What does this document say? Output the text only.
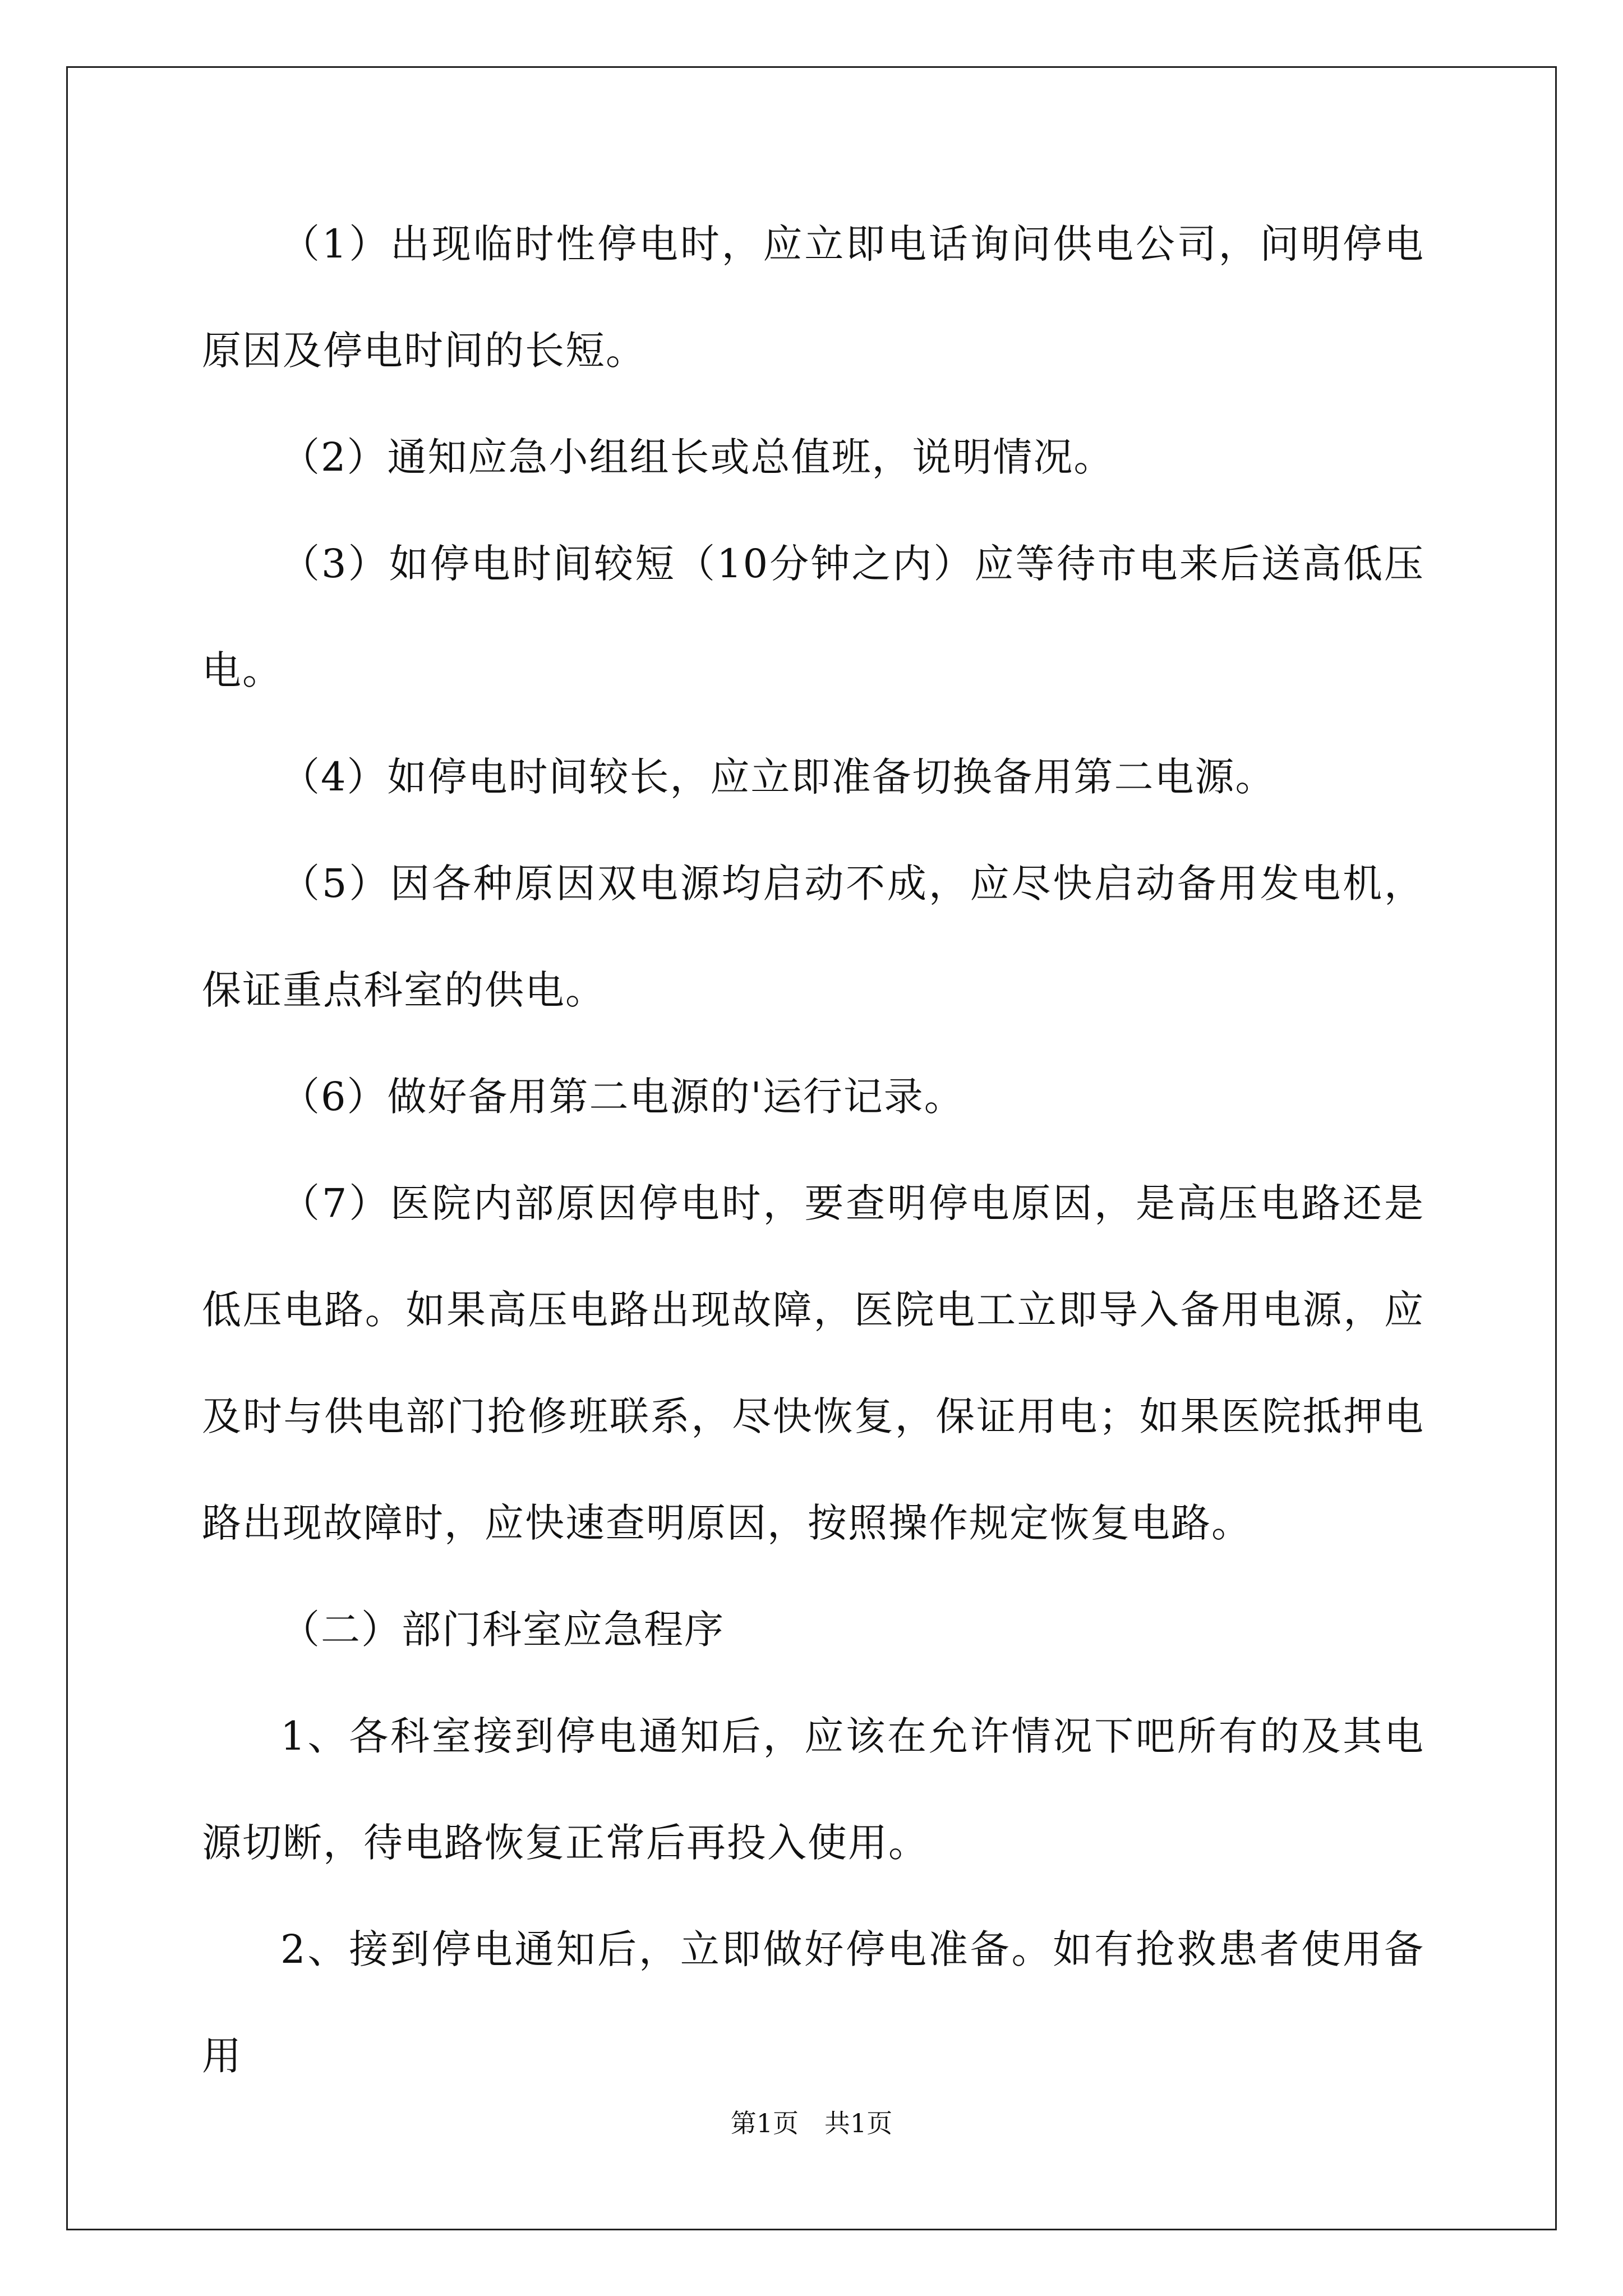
（1）出现临时性停电时，应立即电话询问供电公司，问明停电原因及停电时间的长短。

（2）通知应急小组组长或总值班，说明情况。

（3）如停电时间较短（10分钟之内）应等待市电来后送高低压电。

（4）如停电时间较长，应立即准备切换备用第二电源。

（5）因各种原因双电源均启动不成，应尽快启动备用发电机，保证重点科室的供电。

（6）做好备用第二电源的'运行记录。

（7）医院内部原因停电时，要查明停电原因，是高压电路还是低压电路。如果高压电路出现故障，医院电工立即导入备用电源，应及时与供电部门抢修班联系，尽快恢复，保证用电；如果医院抵押电路出现故障时，应快速查明原因，按照操作规定恢复电路。

（二）部门科室应急程序

1、各科室接到停电通知后，应该在允许情况下吧所有的及其电源切断，待电路恢复正常后再投入使用。

2、接到停电通知后，立即做好停电准备。如有抢救患者使用备用

第1页　共1页
